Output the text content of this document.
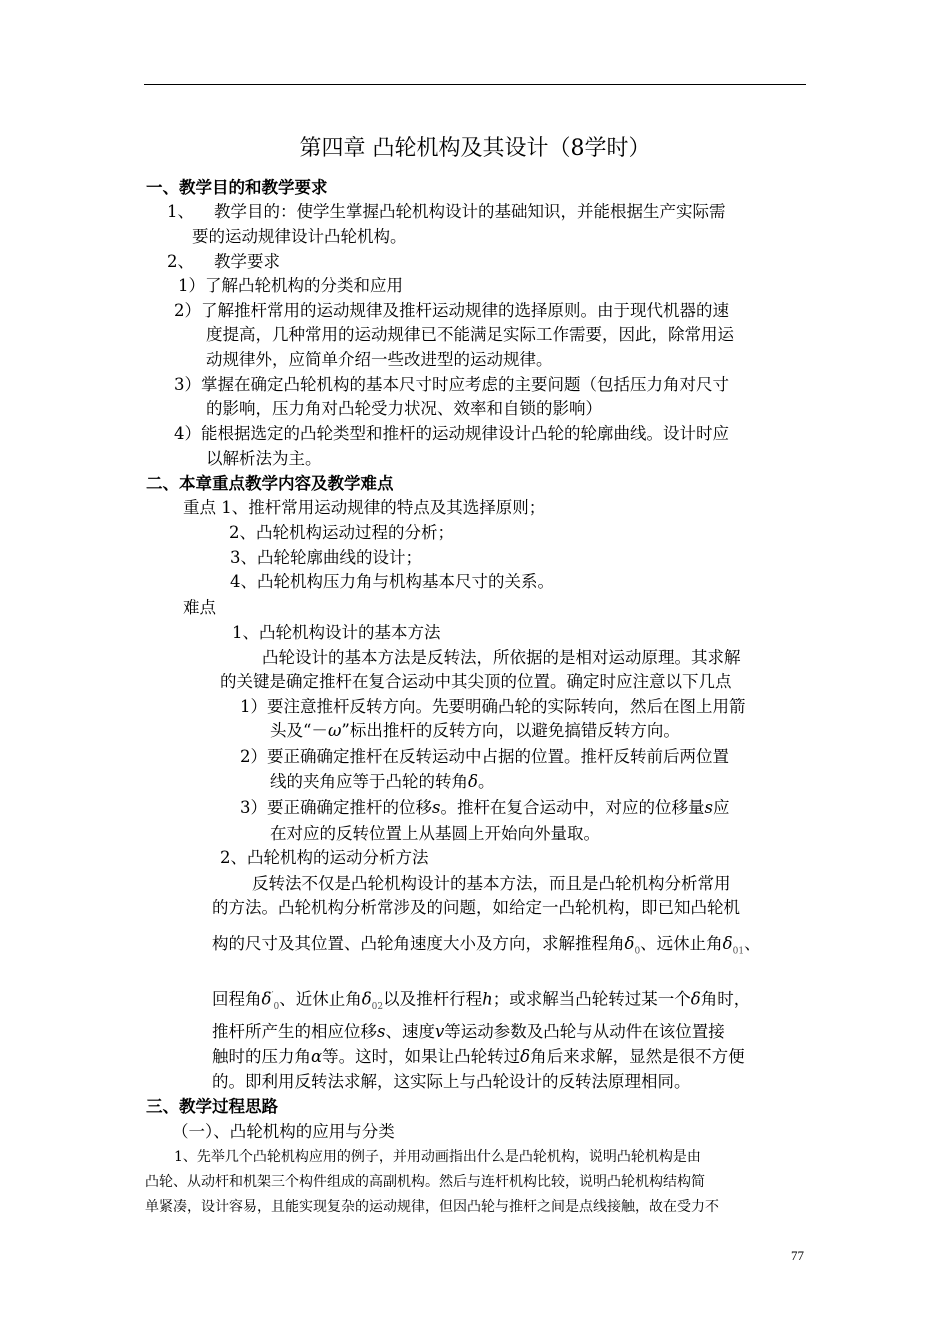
第四章 凸轮机构及其设计（8学时）
一、教学目的和教学要求
1、 教学目的：使学生掌握凸轮机构设计的基础知识，并能根据生产实际需
要的运动规律设计凸轮机构。
2、 教学要求
1）了解凸轮机构的分类和应用
2）了解推杆常用的运动规律及推杆运动规律的选择原则。由于现代机器的速
度提高，几种常用的运动规律已不能满足实际工作需要，因此，除常用运
动规律外，应简单介绍一些改进型的运动规律。
3）掌握在确定凸轮机构的基本尺寸时应考虑的主要问题（包括压力角对尺寸
的影响，压力角对凸轮受力状况、效率和自锁的影响）
4）能根据选定的凸轮类型和推杆的运动规律设计凸轮的轮廓曲线。设计时应
以解析法为主。
二、本章重点教学内容及教学难点
重点 1、推杆常用运动规律的特点及其选择原则；
2、凸轮机构运动过程的分析；
3、凸轮轮廓曲线的设计；
4、凸轮机构压力角与机构基本尺寸的关系。
难点
1、凸轮机构设计的基本方法
凸轮设计的基本方法是反转法，所依据的是相对运动原理。其求解
的关键是确定推杆在复合运动中其尖顶的位置。确定时应注意以下几点
1）要注意推杆反转方向。先要明确凸轮的实际转向，然后在图上用箭
头及“－ω”标出推杆的反转方向，以避免搞错反转方向。
2）要正确确定推杆在反转运动中占据的位置。推杆反转前后两位置
线的夹角应等于凸轮的转角δ。
3）要正确确定推杆的位移s。推杆在复合运动中，对应的位移量s应
在对应的反转位置上从基圆上开始向外量取。
2、凸轮机构的运动分析方法
反转法不仅是凸轮机构设计的基本方法，而且是凸轮机构分析常用
的方法。凸轮机构分析常涉及的问题，如给定一凸轮机构，即已知凸轮机
构的尺寸及其位置、凸轮角速度大小及方向，求解推程角$\delta_0$、远休止角$\delta_{01}$、
回程角$\delta'_0$、近休止角$\delta_{02}$以及推杆行程h；或求解当凸轮转过某一个δ角时，
推杆所产生的相应位移s、速度v等运动参数及凸轮与从动件在该位置接
触时的压力角α等。这时，如果让凸轮转过δ角后来求解，显然是很不方便
的。即利用反转法求解，这实际上与凸轮设计的反转法原理相同。
三、教学过程思路
（一）、凸轮机构的应用与分类
1、先举几个凸轮机构应用的例子，并用动画指出什么是凸轮机构，说明凸轮机构是由
凸轮、从动杆和机架三个构件组成的高副机构。然后与连杆机构比较，说明凸轮机构结构简
单紧凑，设计容易，且能实现复杂的运动规律，但因凸轮与推杆之间是点线接触，故在受力不
77
